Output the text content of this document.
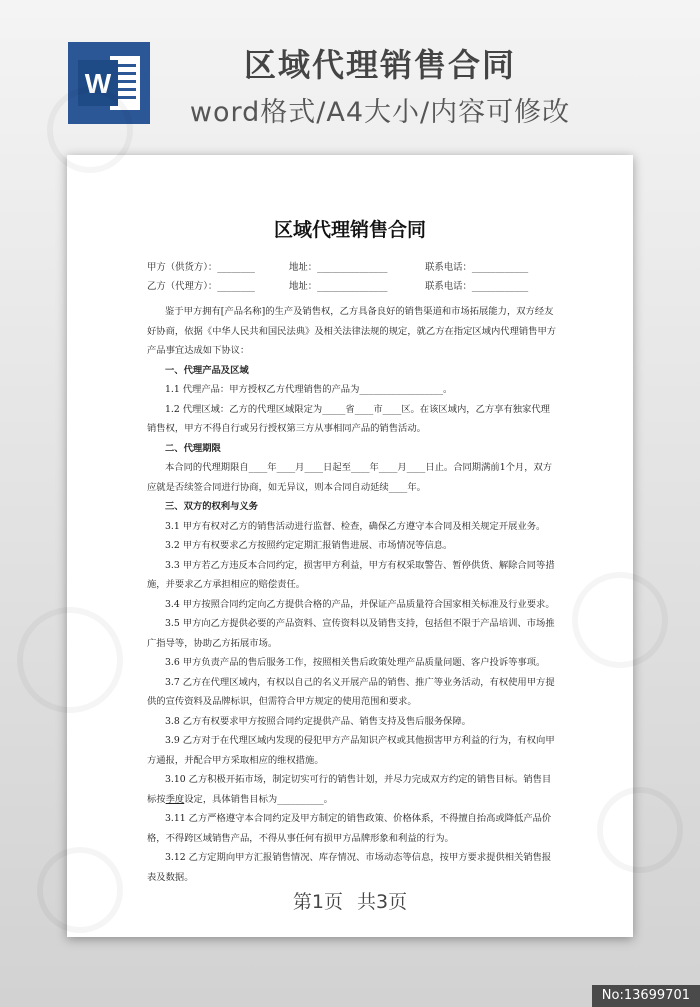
W	区域代理销售合同
word格式/A4大小/内容可修改
区域代理销售合同
甲方（供货方）：________	地址：_______________	联系电话：____________
乙方（代理方）：________	地址：_______________	联系电话：____________

鉴于甲方拥有[产品名称]的生产及销售权，乙方具备良好的销售渠道和市场拓展能力，双方经友好协商，依据《中华人民共和国民法典》及相关法律法规的规定，就乙方在指定区域内代理销售甲方产品事宜达成如下协议：

一、代理产品及区域

1.1 代理产品：甲方授权乙方代理销售的产品为__________________。

1.2 代理区域：乙方的代理区域限定为_____省____市____区。在该区域内，乙方享有独家代理销售权，甲方不得自行或另行授权第三方从事相同产品的销售活动。

二、代理期限

本合同的代理期限自____年____月____日起至____年____月____日止。合同期满前1个月，双方应就是否续签合同进行协商，如无异议，则本合同自动延续____年。

三、双方的权利与义务

3.1 甲方有权对乙方的销售活动进行监督、检查，确保乙方遵守本合同及相关规定开展业务。

3.2 甲方有权要求乙方按照约定定期汇报销售进展、市场情况等信息。

3.3 甲方若乙方违反本合同约定，损害甲方利益，甲方有权采取警告、暂停供货、解除合同等措施，并要求乙方承担相应的赔偿责任。

3.4 甲方按照合同约定向乙方提供合格的产品，并保证产品质量符合国家相关标准及行业要求。

3.5 甲方向乙方提供必要的产品资料、宣传资料以及销售支持，包括但不限于产品培训、市场推广指导等，协助乙方拓展市场。

3.6 甲方负责产品的售后服务工作，按照相关售后政策处理产品质量问题、客户投诉等事项。

3.7 乙方在代理区域内，有权以自己的名义开展产品的销售、推广等业务活动，有权使用甲方提供的宣传资料及品牌标识，但需符合甲方规定的使用范围和要求。

3.8 乙方有权要求甲方按照合同约定提供产品、销售支持及售后服务保障。

3.9 乙方对于在代理区域内发现的侵犯甲方产品知识产权或其他损害甲方利益的行为，有权向甲方通报，并配合甲方采取相应的维权措施。

3.10 乙方积极开拓市场，制定切实可行的销售计划，并尽力完成双方约定的销售目标。销售目标按季度设定，具体销售目标为__________。

3.11 乙方严格遵守本合同约定及甲方制定的销售政策、价格体系，不得擅自抬高或降低产品价格，不得跨区域销售产品，不得从事任何有损甲方品牌形象和利益的行为。

3.12 乙方定期向甲方汇报销售情况、库存情况、市场动态等信息，按甲方要求提供相关销售报表及数据。

第1页 共3页
No:13699701
